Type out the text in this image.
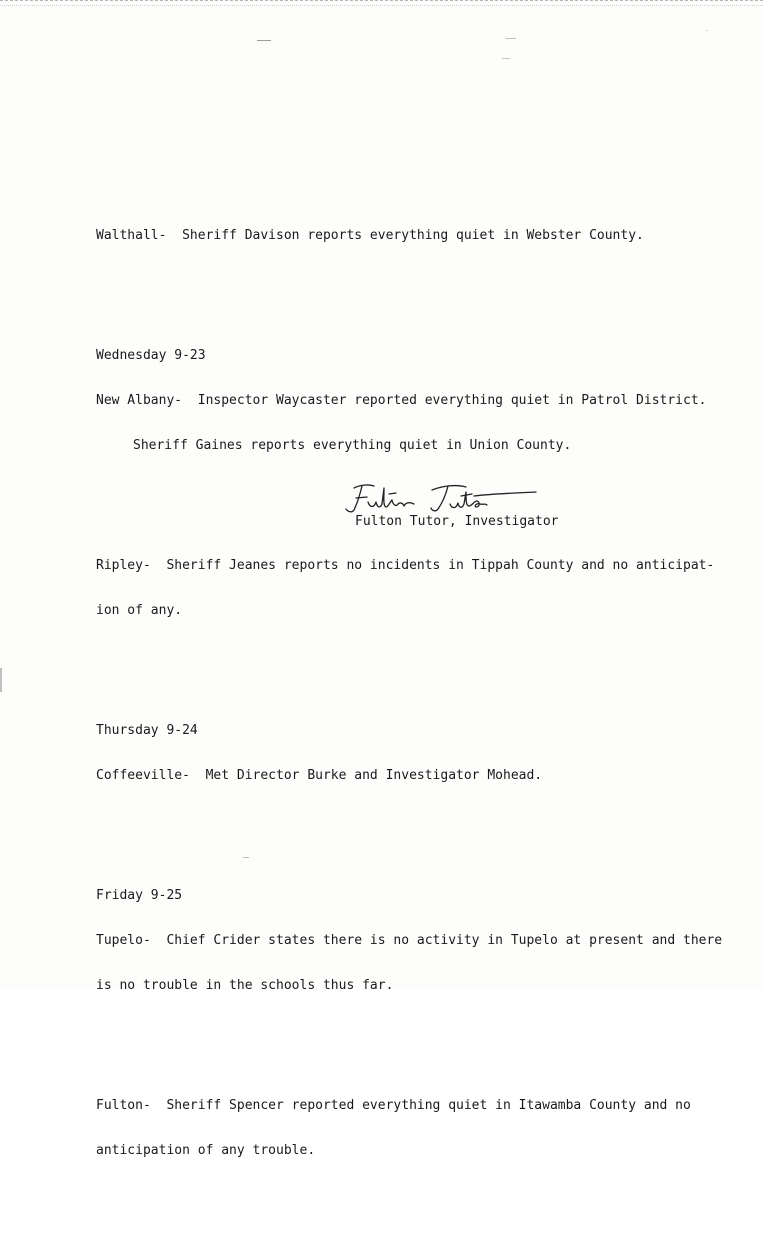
Walthall-  Sheriff Davison reports everything quiet in Webster County.

Wednesday 9-23

New Albany-  Inspector Waycaster reported everything quiet in Patrol District.

Sheriff Gaines reports everything quiet in Union County.

Ripley-  Sheriff Jeanes reports no incidents in Tippah County and no anticipat-

ion of any.

Thursday 9-24

Coffeeville-  Met Director Burke and Investigator Mohead.

Friday 9-25

Tupelo-  Chief Crider states there is no activity in Tupelo at present and there

is no trouble in the schools thus far.

Fulton-  Sheriff Spencer reported everything quiet in Itawamba County and no

anticipation of any trouble.

Fulton Tutor, Investigator
